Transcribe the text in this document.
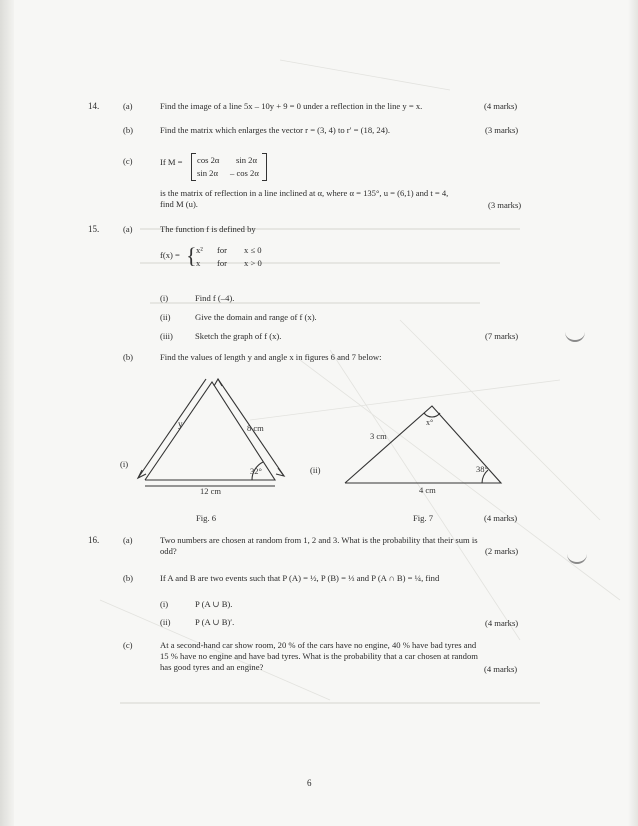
14.	(a)	Find the image of a line 5x – 10y + 9 = 0 under a reflection in the line y = x.	(4 marks)
(b)	Find the matrix which enlarges the vector r = (3, 4) to r′ = (18, 24).	(3 marks)
(c)	If M = cos 2α sin 2α
sin 2α – cos 2α
is the matrix of reflection in a line inclined at α, where α = 135°, u = (6,1) and t = 4,
find M (u).	(3 marks)
15.	(a)	The function f is defined by
f(x) = { x² for x ≤ 0
x for x > 0
(i)	Find f (–4).
(ii)	Give the domain and range of f (x).
(iii)	Sketch the graph of f (x).	(7 marks)
(b)	Find the values of length y and angle x in figures 6 and 7 below:
y	8 cm
32°
12 cm
(i)
x°
3 cm
38°
4 cm
(ii)
Fig. 6	Fig. 7	(4 marks)
16.	(a)	Two numbers are chosen at random from 1, 2 and 3. What is the probability that their sum is
odd?	(2 marks)
(b)	If A and B are two events such that P (A) = ½, P (B) = ⅓ and P (A ∩ B) = ¼, find
(i)	P (A ∪ B).
(ii)	P (A ∪ B)′.	(4 marks)
(c)	At a second-hand car show room, 20 % of the cars have no engine, 40 % have bad tyres and
15 % have no engine and have bad tyres. What is the probability that a car chosen at random
has good tyres and an engine?	(4 marks)
6
